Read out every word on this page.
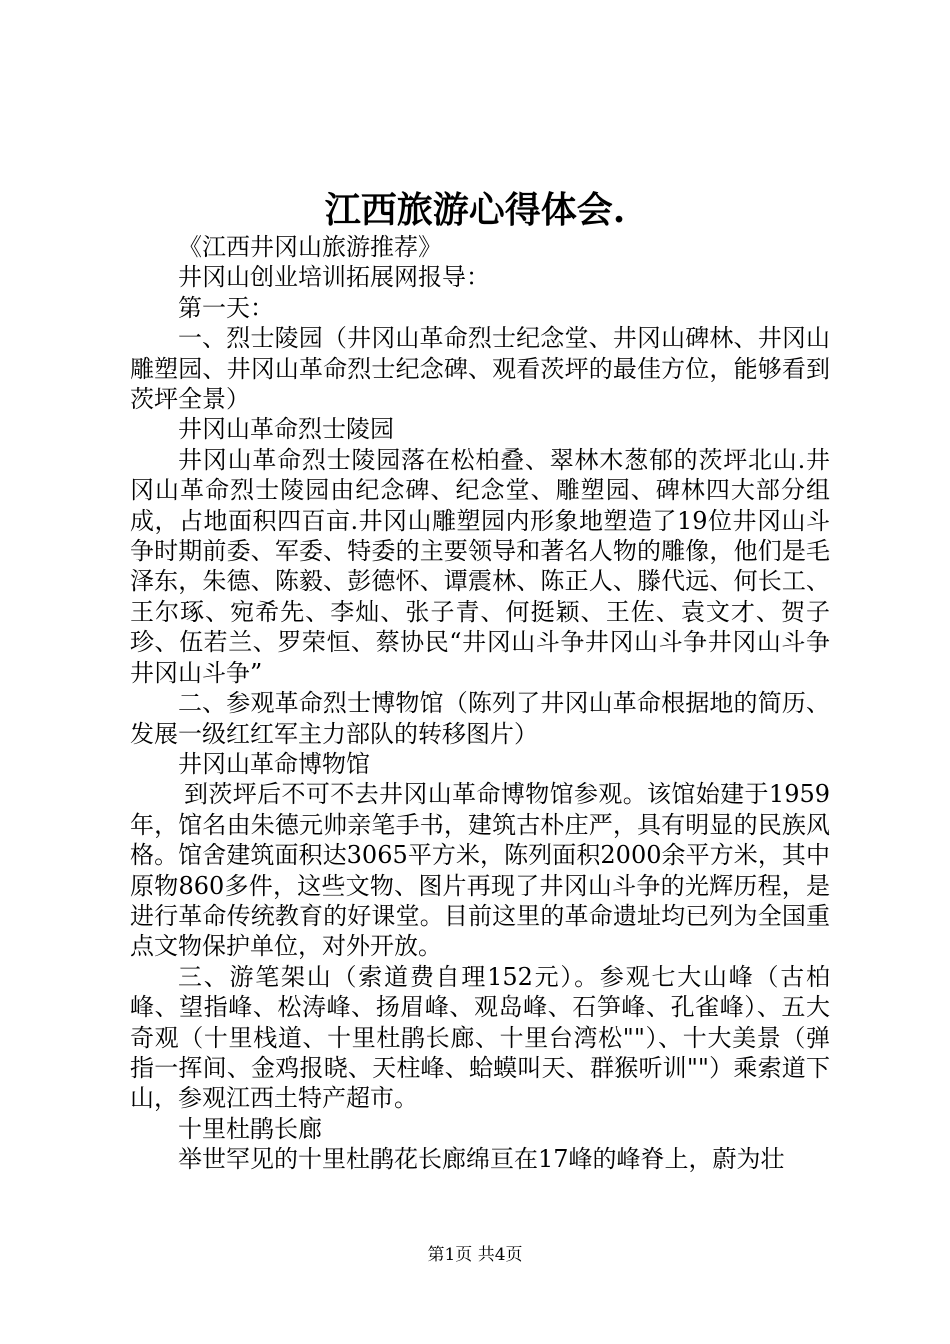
江西旅游心得体会.

《江西井冈山旅游推荐》

井冈山创业培训拓展网报导：

第一天：

一、烈士陵园（井冈山革命烈士纪念堂、井冈山碑林、井冈山雕塑园、井冈山革命烈士纪念碑、观看茨坪的最佳方位，能够看到茨坪全景）

井冈山革命烈士陵园

井冈山革命烈士陵园落在松柏叠、翠林木葱郁的茨坪北山.井冈山革命烈士陵园由纪念碑、纪念堂、雕塑园、碑林四大部分组成，占地面积四百亩.井冈山雕塑园内形象地塑造了19位井冈山斗争时期前委、军委、特委的主要领导和著名人物的雕像，他们是毛泽东，朱德、陈毅、彭德怀、谭震林、陈正人、滕代远、何长工、王尔琢、宛希先、李灿、张子青、何挺颖、王佐、袁文才、贺子珍、伍若兰、罗荣恒、蔡协民“井冈山斗争井冈山斗争井冈山斗争井冈山斗争”

二、参观革命烈士博物馆（陈列了井冈山革命根据地的简历、发展一级红红军主力部队的转移图片）

井冈山革命博物馆

到茨坪后不可不去井冈山革命博物馆参观。该馆始建于1959年，馆名由朱德元帅亲笔手书，建筑古朴庄严，具有明显的民族风格。馆舍建筑面积达3065平方米，陈列面积2000余平方米，其中原物860多件，这些文物、图片再现了井冈山斗争的光辉历程，是进行革命传统教育的好课堂。目前这里的革命遗址均已列为全国重点文物保护单位，对外开放。

三、游笔架山（索道费自理152元）。参观七大山峰（古柏峰、望指峰、松涛峰、扬眉峰、观岛峰、石笋峰、孔雀峰）、五大奇观（十里栈道、十里杜鹃长廊、十里台湾松""）、十大美景（弹指一挥间、金鸡报晓、天柱峰、蛤蟆叫天、群猴听训""）乘索道下山，参观江西土特产超市。

十里杜鹃长廊

举世罕见的十里杜鹃花长廊绵亘在17峰的峰脊上，蔚为壮

第1页 共4页
